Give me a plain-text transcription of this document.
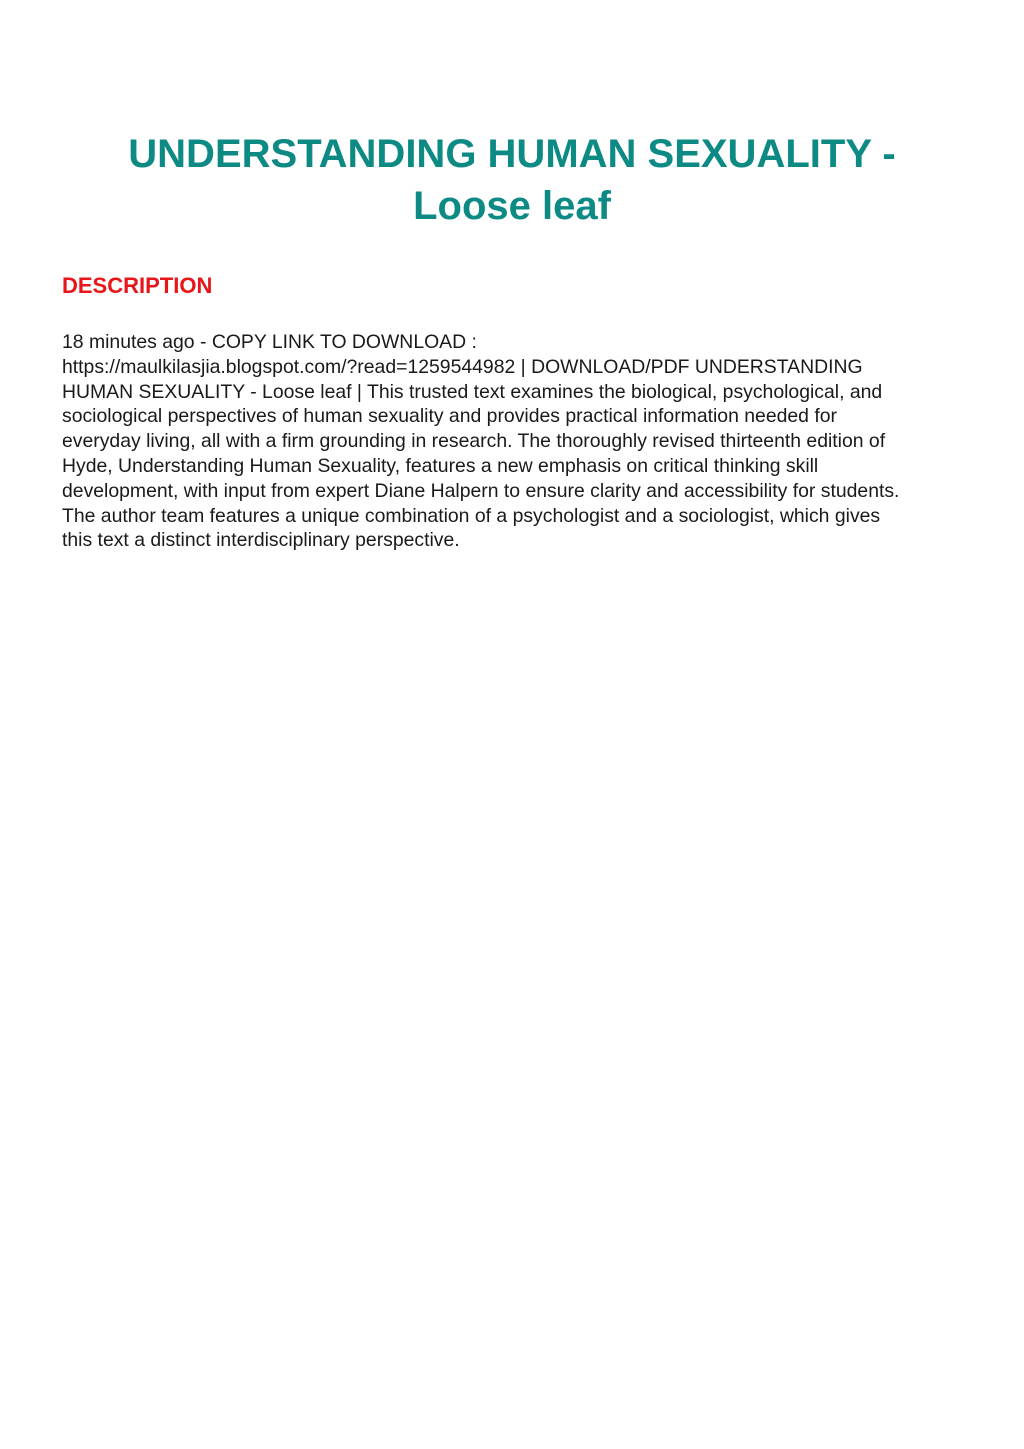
UNDERSTANDING HUMAN SEXUALITY -
Loose leaf
DESCRIPTION

18 minutes ago - COPY LINK TO DOWNLOAD :
https://maulkilasjia.blogspot.com/?read=1259544982 | DOWNLOAD/PDF UNDERSTANDING
HUMAN SEXUALITY - Loose leaf | This trusted text examines the biological, psychological, and
sociological perspectives of human sexuality and provides practical information needed for
everyday living, all with a firm grounding in research. The thoroughly revised thirteenth edition of
Hyde, Understanding Human Sexuality, features a new emphasis on critical thinking skill
development, with input from expert Diane Halpern to ensure clarity and accessibility for students.
The author team features a unique combination of a psychologist and a sociologist, which gives
this text a distinct interdisciplinary perspective.
